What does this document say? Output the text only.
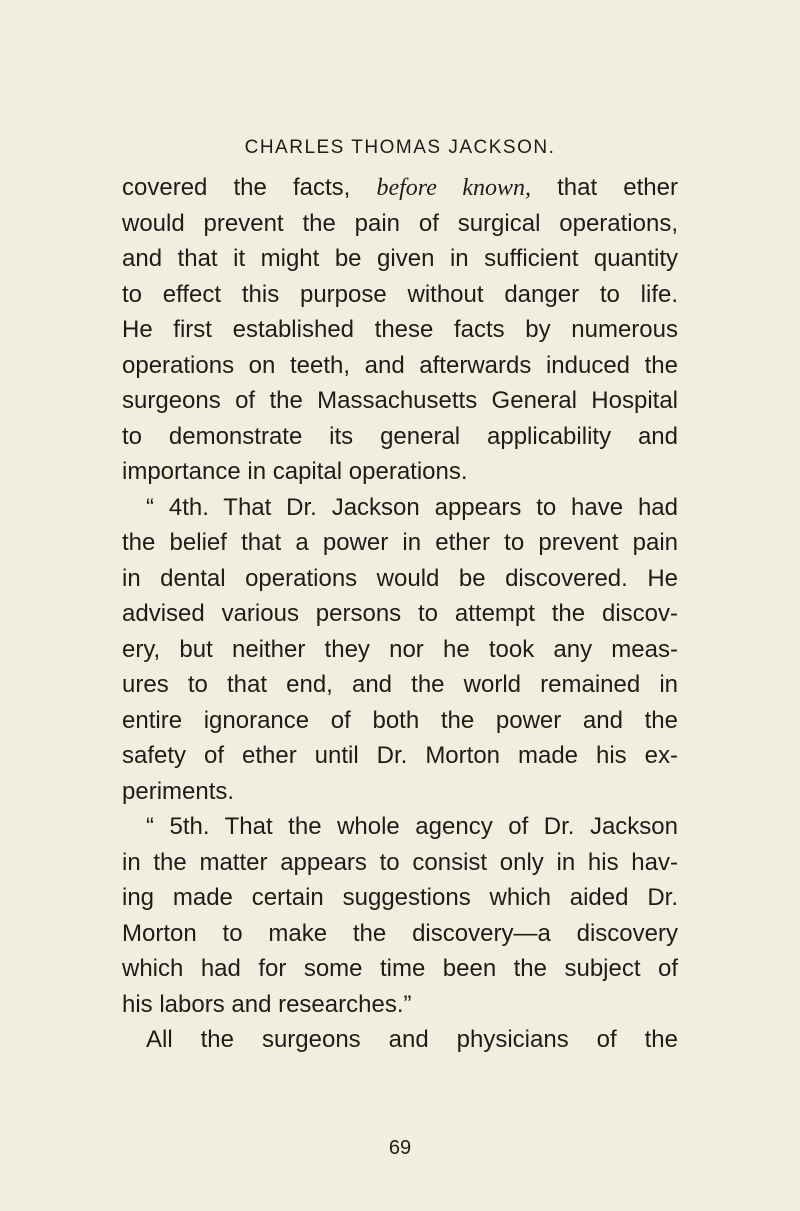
CHARLES THOMAS JACKSON.
covered the facts, before known, that ether
would prevent the pain of surgical operations,
and that it might be given in sufficient quantity
to effect this purpose without danger to life.
He first established these facts by numerous
operations on teeth, and afterwards induced the
surgeons of the Massachusetts General Hospital
to demonstrate its general applicability and
importance in capital operations.
“ 4th. That Dr. Jackson appears to have had
the belief that a power in ether to prevent pain
in dental operations would be discovered. He
advised various persons to attempt the discov-
ery, but neither they nor he took any meas-
ures to that end, and the world remained in
entire ignorance of both the power and the
safety of ether until Dr. Morton made his ex-
periments.
“ 5th. That the whole agency of Dr. Jackson
in the matter appears to consist only in his hav-
ing made certain suggestions which aided Dr.
Morton to make the discovery—a discovery
which had for some time been the subject of
his labors and researches.”
All the surgeons and physicians of the
69
